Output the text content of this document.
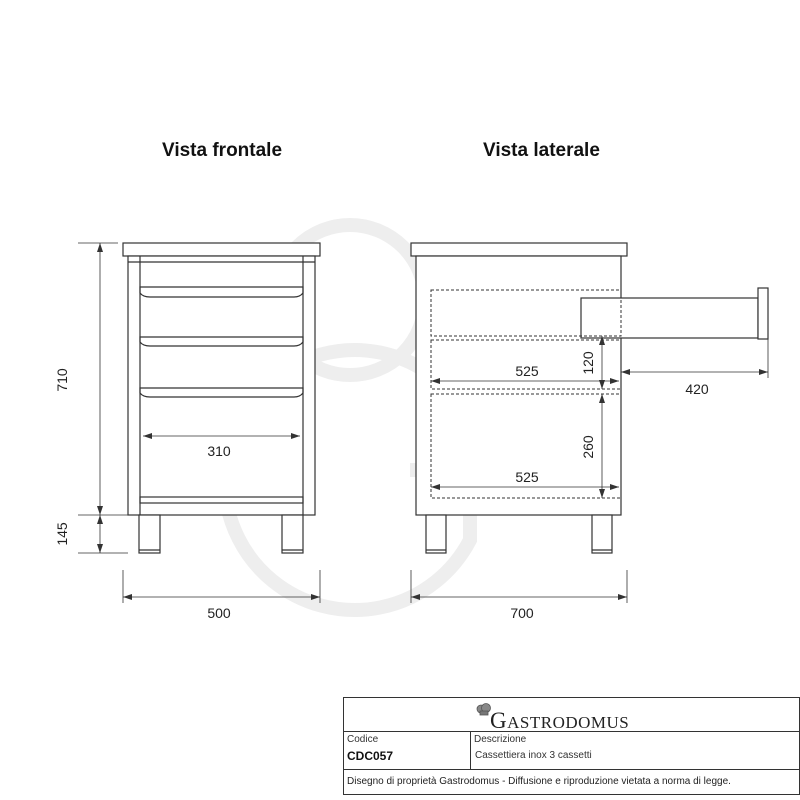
Vista frontale	Vista laterale
710
145
500
310
525
525
120
260
420
700
GASTRODOMUS
Codice
CDC057
Descrizione
Cassettiera inox 3 cassetti
Disegno di proprietà Gastrodomus - Diffusione e riproduzione vietata a norma di legge.
